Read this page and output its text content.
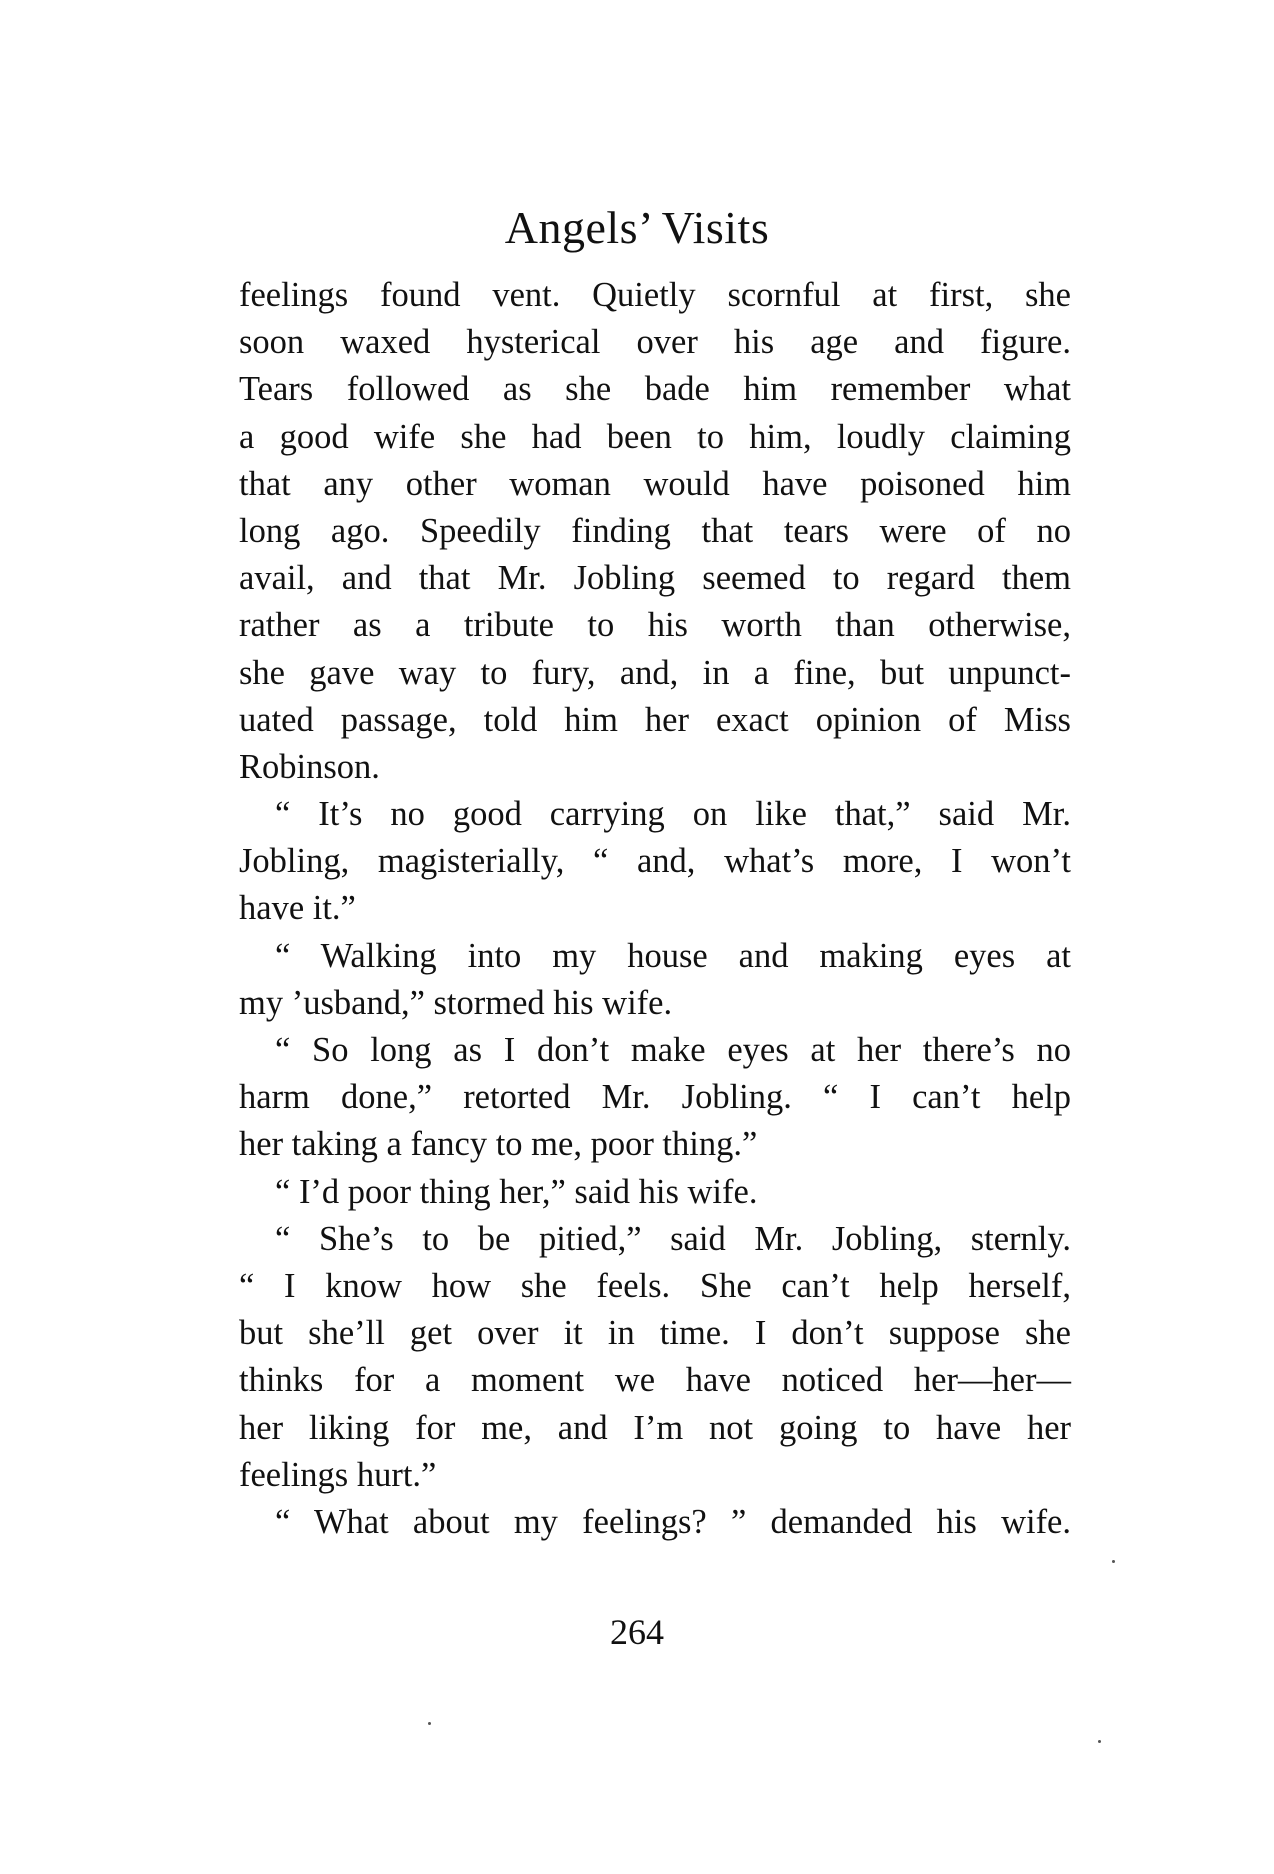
Angels’ Visits
feelings found vent. Quietly scornful at first, she
soon waxed hysterical over his age and figure.
Tears followed as she bade him remember what
a good wife she had been to him, loudly claiming
that any other woman would have poisoned him
long ago. Speedily finding that tears were of no
avail, and that Mr. Jobling seemed to regard them
rather as a tribute to his worth than otherwise,
she gave way to fury, and, in a fine, but unpunct-
uated passage, told him her exact opinion of Miss
Robinson.
“ It’s no good carrying on like that,” said Mr.
Jobling, magisterially, “ and, what’s more, I won’t
have it.”
“ Walking into my house and making eyes at
my ’usband,” stormed his wife.
“ So long as I don’t make eyes at her there’s no
harm done,” retorted Mr. Jobling. “ I can’t help
her taking a fancy to me, poor thing.”
“ I’d poor thing her,” said his wife.
“ She’s to be pitied,” said Mr. Jobling, sternly.
“ I know how she feels. She can’t help herself,
but she’ll get over it in time. I don’t suppose she
thinks for a moment we have noticed her—her—
her liking for me, and I’m not going to have her
feelings hurt.”
“ What about my feelings? ” demanded his wife.
264
